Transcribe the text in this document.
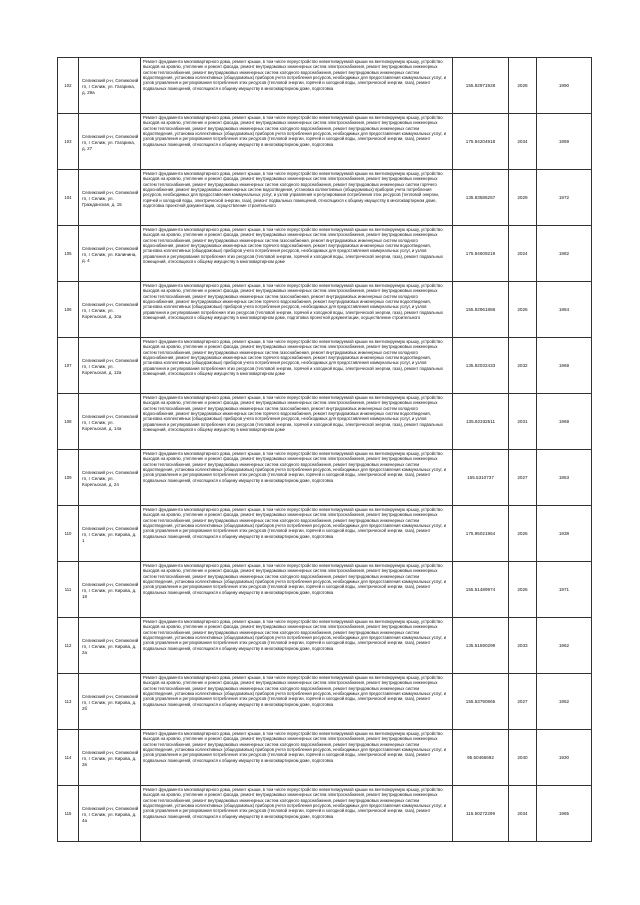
102	Селижский р-н, Селижский гп, г Селиж, ул. Гагарина, д. 29а	Ремонт фундамента многоквартирного дома, ремонт крыши, в том числе переустройство невентилируемой крыши на вентилируемую крышу, устройство выходов на кровлю, утепление и ремонт фасада, ремонт внутридомовых инженерных систем электроснабжения, ремонт внутридомовых инженерных систем теплоснабжения, ремонт внутридомовых инженерных систем холодного водоснабжения, ремонт внутридомовых инженерных систем водоотведения, установка коллективных (общедомовых) приборов учета потребления ресурсов, необходимых для предоставления коммунальных услуг, и узлов управления и регулирования потребления этих ресурсов (тепловой энергии, горячей и холодной воды, электрической энергии, газа), ремонт подвальных помещений, относящихся к общему имуществу в многоквартирном доме, подготовка	155.92971928	2028	1990
103	Селижский р-н, Селижский гп, г Селиж, ул. Гагарина, д. 27	Ремонт фундамента многоквартирного дома, ремонт крыши, в том числе переустройство невентилируемой крыши на вентилируемую крышу, устройство выходов на кровлю, утепление и ремонт фасада, ремонт внутридомовых инженерных систем электроснабжения, ремонт внутридомовых инженерных систем теплоснабжения, ремонт внутридомовых инженерных систем холодного водоснабжения, ремонт внутридомовых инженерных систем водоотведения, установка коллективных (общедомовых) приборов учета потребления ресурсов, необходимых для предоставления коммунальных услуг, и узлов управления и регулирования потребления этих ресурсов (тепловой энергии, горячей и холодной воды, электрической энергии, газа), ремонт подвальных помещений, относящихся к общему имуществу в многоквартирном доме, подготовка	175.94204918	2034	1959
104	Селижский р-н, Селижский гп, г Селиж, ул. Гражданская, д. 15	Ремонт фундамента многоквартирного дома, ремонт крыши, в том числе переустройство невентилируемой крыши на вентилируемую крышу, устройство выходов на кровлю, утепление и ремонт фасада, ремонт внутридомовых инженерных систем электроснабжения, ремонт внутридомовых инженерных систем теплоснабжения, ремонт внутридомовых инженерных систем холодного водоснабжения, ремонт внутридомовых инженерных систем горячего водоснабжения, ремонт внутридомовых инженерных систем водоотведения, установка коллективных (общедомовых) приборов учета потребления ресурсов, необходимых для предоставления коммунальных услуг, и узлов управления и регулирования потребления этих ресурсов (тепловой энергии, горячей и холодной воды, электрической энергии, газа), ремонт подвальных помещений, относящихся к общему имуществу в многоквартирном доме, подготовка проектной документации, осуществление строительного	135.93586257	2029	1972
105	Селижский р-н, Селижский гп, г Селиж, ул. Калинина, д. 4	Ремонт фундамента многоквартирного дома, ремонт крыши, в том числе переустройство невентилируемой крыши на вентилируемую крышу, устройство выходов на кровлю, утепление и ремонт фасада, ремонт внутридомовых инженерных систем электроснабжения, ремонт внутридомовых инженерных систем теплоснабжения, ремонт внутридомовых инженерных систем газоснабжения, ремонт внутридомовых инженерных систем холодного водоснабжения, ремонт внутридомовых инженерных систем горячего водоснабжения, ремонт внутридомовых инженерных систем водоотведения, установка коллективных (общедомовых) приборов учета потребления ресурсов, необходимых для предоставления коммунальных услуг, и узлов управления и регулирования потребления этих ресурсов (тепловой энергии, горячей и холодной воды, электрической энергии, газа), ремонт подвальных помещений, относящихся к общему имуществу в многоквартирном доме	175.94609219	2024	1982
106	Селижский р-н, Селижский гп, г Селиж, ул. Корельская, д. 10а	Ремонт фундамента многоквартирного дома, ремонт крыши, в том числе переустройство невентилируемой крыши на вентилируемую крышу, устройство выходов на кровлю, утепление и ремонт фасада, ремонт внутридомовых инженерных систем электроснабжения, ремонт внутридомовых инженерных систем теплоснабжения, ремонт внутридомовых инженерных систем газоснабжения, ремонт внутридомовых инженерных систем холодного водоснабжения, ремонт внутридомовых инженерных систем горячего водоснабжения, ремонт внутридомовых инженерных систем водоотведения, установка коллективных (общедомовых) приборов учета потребления ресурсов, необходимых для предоставления коммунальных услуг, и узлов управления и регулирования потребления этих ресурсов (тепловой энергии, горячей и холодной воды, электрической энергии, газа), ремонт подвальных помещений, относящихся к общему имуществу в многоквартирном доме, подготовка проектной документации, осуществление строительного	155.92961886	2026	1984
107	Селижский р-н, Селижский гп, г Селиж, ул. Корельская, д. 12а	Ремонт фундамента многоквартирного дома, ремонт крыши, в том числе переустройство невентилируемой крыши на вентилируемую крышу, устройство выходов на кровлю, утепление и ремонт фасада, ремонт внутридомовых инженерных систем электроснабжения, ремонт внутридомовых инженерных систем теплоснабжения, ремонт внутридомовых инженерных систем газоснабжения, ремонт внутридомовых инженерных систем холодного водоснабжения, ремонт внутридомовых инженерных систем горячего водоснабжения, ремонт внутридомовых инженерных систем водоотведения, установка коллективных (общедомовых) приборов учета потребления ресурсов, необходимых для предоставления коммунальных услуг, и узлов управления и регулирования потребления этих ресурсов (тепловой энергии, горячей и холодной воды, электрической энергии, газа), ремонт подвальных помещений, относящихся к общему имуществу в многоквартирном доме	135.92032433	2032	1968
108	Селижский р-н, Селижский гп, г Селиж, ул. Корельская, д. 14а	Ремонт фундамента многоквартирного дома, ремонт крыши, в том числе переустройство невентилируемой крыши на вентилируемую крышу, устройство выходов на кровлю, утепление и ремонт фасада, ремонт внутридомовых инженерных систем электроснабжения, ремонт внутридомовых инженерных систем теплоснабжения, ремонт внутридомовых инженерных систем газоснабжения, ремонт внутридомовых инженерных систем холодного водоснабжения, ремонт внутридомовых инженерных систем горячего водоснабжения, ремонт внутридомовых инженерных систем водоотведения, установка коллективных (общедомовых) приборов учета потребления ресурсов, необходимых для предоставления коммунальных услуг, и узлов управления и регулирования потребления этих ресурсов (тепловой энергии, горячей и холодной воды, электрической энергии, газа), ремонт подвальных помещений, относящихся к общему имуществу в многоквартирном доме	135.92332511	2031	1968
109	Селижский р-н, Селижский гп, г Селиж, ул. Корельская, д. 24	Ремонт фундамента многоквартирного дома, ремонт крыши, в том числе переустройство невентилируемой крыши на вентилируемую крышу, устройство выходов на кровлю, утепление и ремонт фасада, ремонт внутридомовых инженерных систем электроснабжения, ремонт внутридомовых инженерных систем теплоснабжения, ремонт внутридомовых инженерных систем холодного водоснабжения, ремонт внутридомовых инженерных систем водоотведения, установка коллективных (общедомовых) приборов учета потребления ресурсов, необходимых для предоставления коммунальных услуг, и узлов управления и регулирования потребления этих ресурсов (тепловой энергии, горячей и холодной воды, электрической энергии, газа), ремонт подвальных помещений, относящихся к общему имуществу в многоквартирном доме, подготовка	155.5310737	2027	1953
110	Селижский р-н, Селижский гп, г Селиж, ул. Кирова, д. 1	Ремонт фундамента многоквартирного дома, ремонт крыши, в том числе переустройство невентилируемой крыши на вентилируемую крышу, устройство выходов на кровлю, утепление и ремонт фасада, ремонт внутридомовых инженерных систем электроснабжения, ремонт внутридомовых инженерных систем теплоснабжения, ремонт внутридомовых инженерных систем холодного водоснабжения, ремонт внутридомовых инженерных систем водоотведения, установка коллективных (общедомовых) приборов учета потребления ресурсов, необходимых для предоставления коммунальных услуг, и узлов управления и регулирования потребления этих ресурсов (тепловой энергии, горячей и холодной воды, электрической энергии, газа), ремонт подвальных помещений, относящихся к общему имуществу в многоквартирном доме, подготовка	175.95021964	2026	1938
111	Селижский р-н, Селижский гп, г Селиж, ул. Кирова, д. 18	Ремонт фундамента многоквартирного дома, ремонт крыши, в том числе переустройство невентилируемой крыши на вентилируемую крышу, устройство выходов на кровлю, утепление и ремонт фасада, ремонт внутридомовых инженерных систем электроснабжения, ремонт внутридомовых инженерных систем теплоснабжения, ремонт внутридомовых инженерных систем холодного водоснабжения, ремонт внутридомовых инженерных систем водоотведения, установка коллективных (общедомовых) приборов учета потребления ресурсов, необходимых для предоставления коммунальных услуг, и узлов управления и регулирования потребления этих ресурсов (тепловой энергии, горячей и холодной воды, электрической энергии, газа), ремонт подвальных помещений, относящихся к общему имуществу в многоквартирном доме, подготовка	155.51489974	2026	1971
112	Селижский р-н, Селижский гп, г Селиж, ул. Кирова, д. 2а	Ремонт фундамента многоквартирного дома, ремонт крыши, в том числе переустройство невентилируемой крыши на вентилируемую крышу, устройство выходов на кровлю, утепление и ремонт фасада, ремонт внутридомовых инженерных систем электроснабжения, ремонт внутридомовых инженерных систем теплоснабжения, ремонт внутридомовых инженерных систем холодного водоснабжения, ремонт внутридомовых инженерных систем водоотведения, установка коллективных (общедомовых) приборов учета потребления ресурсов, необходимых для предоставления коммунальных услуг, и узлов управления и регулирования потребления этих ресурсов (тепловой энергии, горячей и холодной воды, электрической энергии, газа), ремонт подвальных помещений, относящихся к общему имуществу в многоквартирном доме, подготовка	135.51590299	2033	1962
113	Селижский р-н, Селижский гп, г Селиж, ул. Кирова, д. 2б	Ремонт фундамента многоквартирного дома, ремонт крыши, в том числе переустройство невентилируемой крыши на вентилируемую крышу, устройство выходов на кровлю, утепление и ремонт фасада, ремонт внутридомовых инженерных систем электроснабжения, ремонт внутридомовых инженерных систем теплоснабжения, ремонт внутридомовых инженерных систем холодного водоснабжения, ремонт внутридомовых инженерных систем водоотведения, установка коллективных (общедомовых) приборов учета потребления ресурсов, необходимых для предоставления коммунальных услуг, и узлов управления и регулирования потребления этих ресурсов (тепловой энергии, горячей и холодной воды, электрической энергии, газа), ремонт подвальных помещений, относящихся к общему имуществу в многоквартирном доме, подготовка	155.53790865	2027	1952
114	Селижский р-н, Селижский гп, г Селиж, ул. Кирова, д. 2в	Ремонт фундамента многоквартирного дома, ремонт крыши, в том числе переустройство невентилируемой крыши на вентилируемую крышу, устройство выходов на кровлю, утепление и ремонт фасада, ремонт внутридомовых инженерных систем электроснабжения, ремонт внутридомовых инженерных систем теплоснабжения, ремонт внутридомовых инженерных систем холодного водоснабжения, ремонт внутридомовых инженерных систем водоотведения, установка коллективных (общедомовых) приборов учета потребления ресурсов, необходимых для предоставления коммунальных услуг, и узлов управления и регулирования потребления этих ресурсов (тепловой энергии, горячей и холодной воды, электрической энергии, газа), ремонт подвальных помещений, относящихся к общему имуществу в многоквартирном доме, подготовка	95.50466692	2040	1930
115	Селижский р-н, Селижский гп, г Селиж, ул. Кирова, д. 4а	Ремонт фундамента многоквартирного дома, ремонт крыши, в том числе переустройство невентилируемой крыши на вентилируемую крышу, устройство выходов на кровлю, утепление и ремонт фасада, ремонт внутридомовых инженерных систем электроснабжения, ремонт внутридомовых инженерных систем теплоснабжения, ремонт внутридомовых инженерных систем холодного водоснабжения, ремонт внутридомовых инженерных систем водоотведения, установка коллективных (общедомовых) приборов учета потребления ресурсов, необходимых для предоставления коммунальных услуг, и узлов управления и регулирования потребления этих ресурсов (тепловой энергии, горячей и холодной воды, электрической энергии, газа), ремонт подвальных помещений, относящихся к общему имуществу в многоквартирном доме, подготовка	115.50272299	2034	1965
